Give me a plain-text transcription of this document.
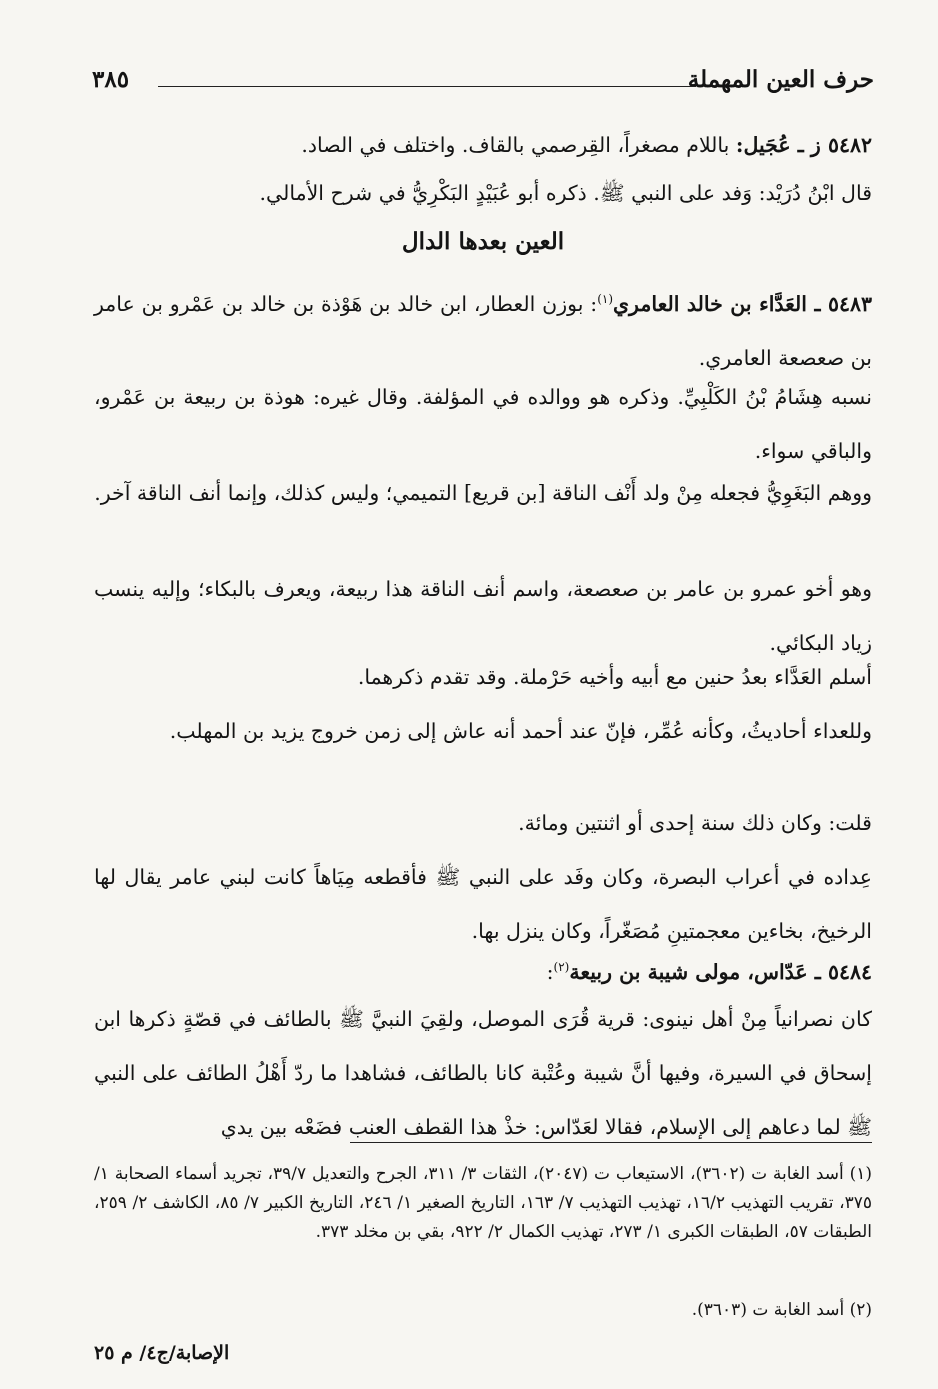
حرف العين المهملة
٣٨٥
٥٤٨٢ ز ـ عُجَيل: باللام مصغراً، القِرصمي بالقاف. واختلف في الصاد.
قال ابْنُ دُرَيْد: وَفد على النبي ﷺ. ذكره أبو عُبَيْدٍ البَكْرِيُّ في شرح الأمالي.
العين بعدها الدال
٥٤٨٣ ـ العَدَّاء بن خالد العامري$^{(١)}$: بوزن العطار، ابن خالد بن هَوْذة بن خالد بن عَمْرو بن عامر بن صعصعة العامري.
نسبه هِشَامُ بْنُ الكَلْبِيِّ. وذكره هو ووالده في المؤلفة. وقال غيره: هوذة بن ربيعة بن عَمْرو، والباقي سواء.
ووهم البَغَوِيُّ فجعله مِنْ ولد أَنْف الناقة [بن قريع] التميمي؛ وليس كذلك، وإنما أنف الناقة آخر.
وهو أخو عمرو بن عامر بن صعصعة، واسم أنف الناقة هذا ربيعة، ويعرف بالبكاء؛ وإليه ينسب زياد البكائي.
أسلم العَدَّاء بعدُ حنين مع أبيه وأخيه حَرْملة. وقد تقدم ذكرهما.
وللعداء أحاديثُ، وكأنه عُمِّر، فإنّ عند أحمد أنه عاش إلى زمن خروج يزيد بن المهلب.
قلت: وكان ذلك سنة إحدى أو اثنتين ومائة.
عِداده في أعراب البصرة، وكان وفَد على النبي ﷺ فأقطعه مِيَاهاً كانت لبني عامر يقال لها الرخيخ، بخاءين معجمتينِ مُصَغّراً، وكان ينزل بها.
٥٤٨٤ ـ عَدّاس، مولى شيبة بن ربيعة$^{(٢)}$:
كان نصرانياً مِنْ أهل نينوى: قرية قُرَى الموصل، ولقِيَ النبيَّ ﷺ بالطائف في قصّةٍ ذكرها ابن إسحاق في السيرة، وفيها أنَّ شيبة وعُتْبة كانا بالطائف، فشاهدا ما ردّ أَهْلُ الطائف على النبي ﷺ لما دعاهم إلى الإسلام، فقالا لعَدّاس: خذْ هذا القطف العنب فضَعْه بين يدي
(١) أسد الغابة ت (٣٦٠٢)، الاستيعاب ت (٢٠٤٧)، الثقات ٣/ ٣١١، الجرح والتعديل ٣٩/٧، تجريد أسماء الصحابة ١/ ٣٧٥، تقريب التهذيب ١٦/٢، تهذيب التهذيب ٧/ ١٦٣، التاريخ الصغير ١/ ٢٤٦، التاريخ الكبير ٧/ ٨٥، الكاشف ٢/ ٢٥٩، الطبقات ٥٧، الطبقات الكبرى ١/ ٢٧٣، تهذيب الكمال ٢/ ٩٢٢، بقي بن مخلد ٣٧٣.
(٢) أسد الغابة ت (٣٦٠٣).
الإصابة/ج٤/ م ٢٥
